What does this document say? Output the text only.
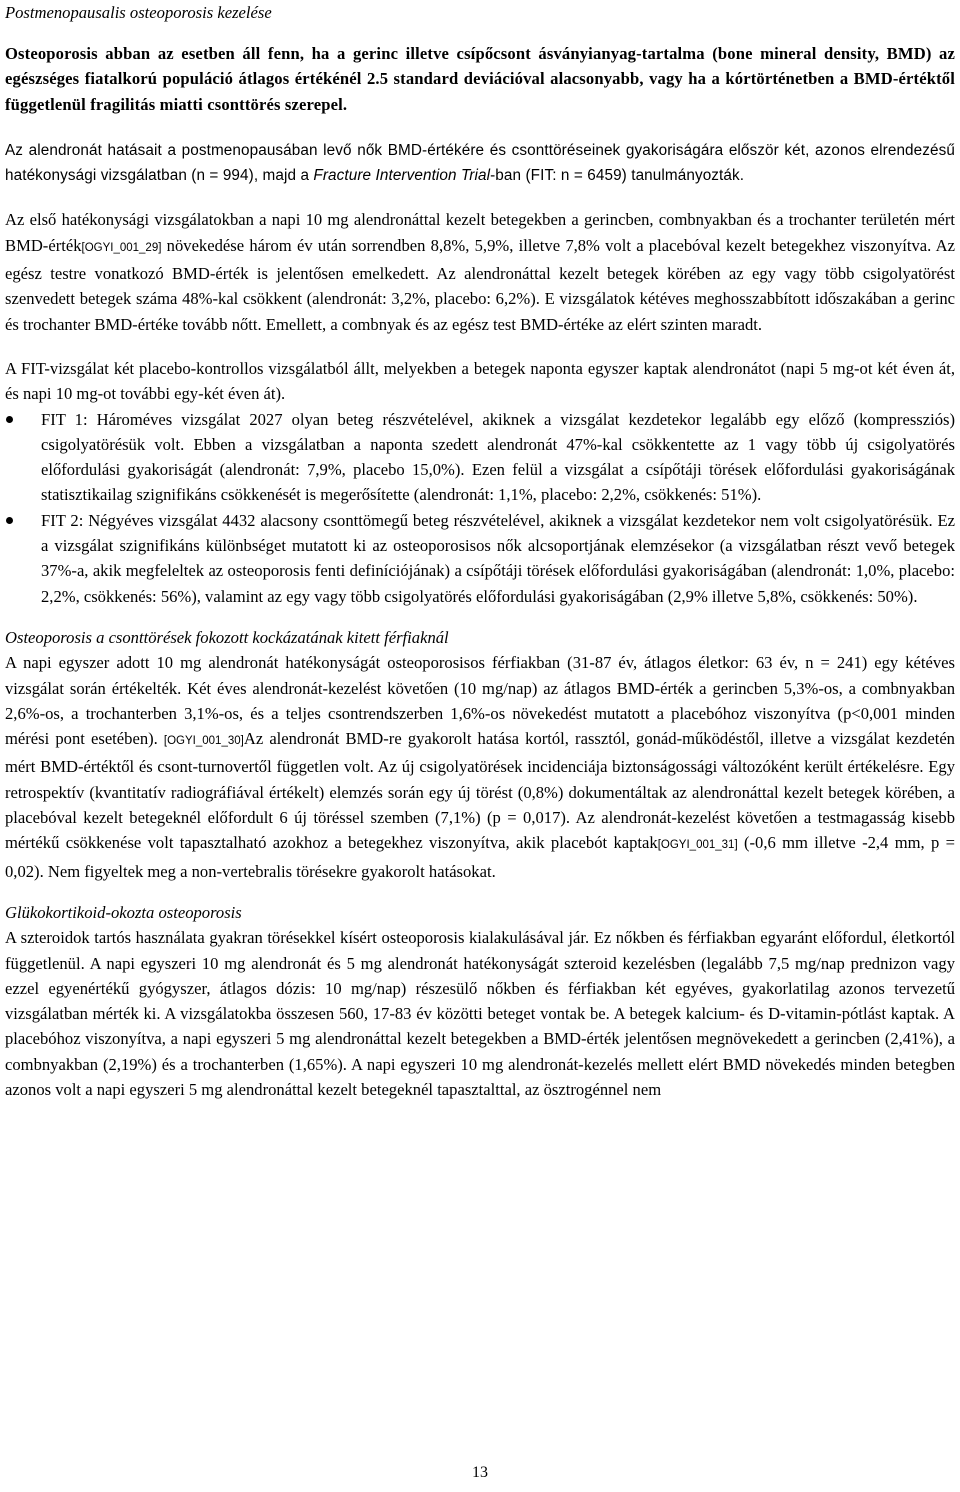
Postmenopausalis osteoporosis kezelése

Osteoporosis abban az esetben áll fenn, ha a gerinc illetve csípőcsont ásványianyag-tartalma (bone mineral density, BMD) az egészséges fiatalkorú populáció átlagos értékénél 2.5 standard deviációval alacsonyabb, vagy ha a kórtörténetben a BMD-értéktől függetlenül fragilitás miatti csonttörés szerepel.

Az alendronát hatásait a postmenopausában levő nők BMD-értékére és csonttöréseinek gyakoriságára először két, azonos elrendezésű hatékonysági vizsgálatban (n = 994), majd a Fracture Intervention Trial-ban (FIT: n = 6459) tanulmányozták.

Az első hatékonysági vizsgálatokban a napi 10 mg alendronáttal kezelt betegekben a gerincben, combnyakban és a trochanter területén mért BMD-érték[OGYI_001_29] növekedése három év után sorrendben 8,8%, 5,9%, illetve 7,8% volt a placebóval kezelt betegekhez viszonyítva. Az egész testre vonatkozó BMD-érték is jelentősen emelkedett. Az alendronáttal kezelt betegek körében az egy vagy több csigolyatörést szenvedett betegek száma 48%-kal csökkent (alendronát: 3,2%, placebo: 6,2%). E vizsgálatok kétéves meghosszabbított időszakában a gerinc és trochanter BMD-értéke tovább nőtt. Emellett, a combnyak és az egész test BMD-értéke az elért szinten maradt.

A FIT-vizsgálat két placebo-kontrollos vizsgálatból állt, melyekben a betegek naponta egyszer kaptak alendronátot (napi 5 mg-ot két éven át, és napi 10 mg-ot további egy-két éven át).

FIT 1: Hároméves vizsgálat 2027 olyan beteg részvételével, akiknek a vizsgálat kezdetekor legalább egy előző (kompressziós) csigolyatörésük volt. Ebben a vizsgálatban a naponta szedett alendronát 47%-kal csökkentette az 1 vagy több új csigolyatörés előfordulási gyakoriságát (alendronát: 7,9%, placebo 15,0%). Ezen felül a vizsgálat a csípőtáji törések előfordulási gyakoriságának statisztikailag szignifikáns csökkenését is megerősítette (alendronát: 1,1%, placebo: 2,2%, csökkenés: 51%).
FIT 2: Négyéves vizsgálat 4432 alacsony csonttömegű beteg részvételével, akiknek a vizsgálat kezdetekor nem volt csigolyatörésük. Ez a vizsgálat szignifikáns különbséget mutatott ki az osteoporosisos nők alcsoportjának elemzésekor (a vizsgálatban részt vevő betegek 37%-a, akik megfeleltek az osteoporosis fenti definíciójának) a csípőtáji törések előfordulási gyakoriságában (alendronát: 1,0%, placebo: 2,2%, csökkenés: 56%), valamint az egy vagy több csigolyatörés előfordulási gyakoriságában (2,9% illetve 5,8%, csökkenés: 50%).
Osteoporosis a csonttörések fokozott kockázatának kitett férfiaknál

A napi egyszer adott 10 mg alendronát hatékonyságát osteoporosisos férfiakban (31-87 év, átlagos életkor: 63 év, n = 241) egy kétéves vizsgálat során értékelték. Két éves alendronát-kezelést követően (10 mg/nap) az átlagos BMD-érték a gerincben 5,3%-os, a combnyakban 2,6%-os, a trochanterben 3,1%-os, és a teljes csontrendszerben 1,6%-os növekedést mutatott a placebóhoz viszonyítva (p<0,001 minden mérési pont esetében). [OGYI_001_30]Az alendronát BMD-re gyakorolt hatása kortól, rassztól, gonád-működéstől, illetve a vizsgálat kezdetén mért BMD-értéktől és csont-turnovertől független volt. Az új csigolyatörések incidenciája biztonságossági változóként került értékelésre. Egy retrospektív (kvantitatív radiográfiával értékelt) elemzés során egy új törést (0,8%) dokumentáltak az alendronáttal kezelt betegek körében, a placebóval kezelt betegeknél előfordult 6 új töréssel szemben (7,1%) (p = 0,017). Az alendronát-kezelést követően a testmagasság kisebb mértékű csökkenése volt tapasztalható azokhoz a betegekhez viszonyítva, akik placebót kaptak[OGYI_001_31] (-0,6 mm illetve -2,4 mm, p = 0,02). Nem figyeltek meg a non-vertebralis törésekre gyakorolt hatásokat.

Glükokortikoid-okozta osteoporosis

A szteroidok tartós használata gyakran törésekkel kísért osteoporosis kialakulásával jár. Ez nőkben és férfiakban egyaránt előfordul, életkortól függetlenül. A napi egyszeri 10 mg alendronát és 5 mg alendronát hatékonyságát szteroid kezelésben (legalább 7,5 mg/nap prednizon vagy ezzel egyenértékű gyógyszer, átlagos dózis: 10 mg/nap) részesülő nőkben és férfiakban két egyéves, gyakorlatilag azonos tervezetű vizsgálatban mérték ki. A vizsgálatokba összesen 560, 17-83 év közötti beteget vontak be. A betegek kalcium- és D-vitamin-pótlást kaptak. A placebóhoz viszonyítva, a napi egyszeri 5 mg alendronáttal kezelt betegekben a BMD-érték jelentősen megnövekedett a gerincben (2,41%), a combnyakban (2,19%) és a trochanterben (1,65%). A napi egyszeri 10 mg alendronát-kezelés mellett elért BMD növekedés minden betegben azonos volt a napi egyszeri 5 mg alendronáttal kezelt betegeknél tapasztalttal, az ösztrogénnel nem

13
